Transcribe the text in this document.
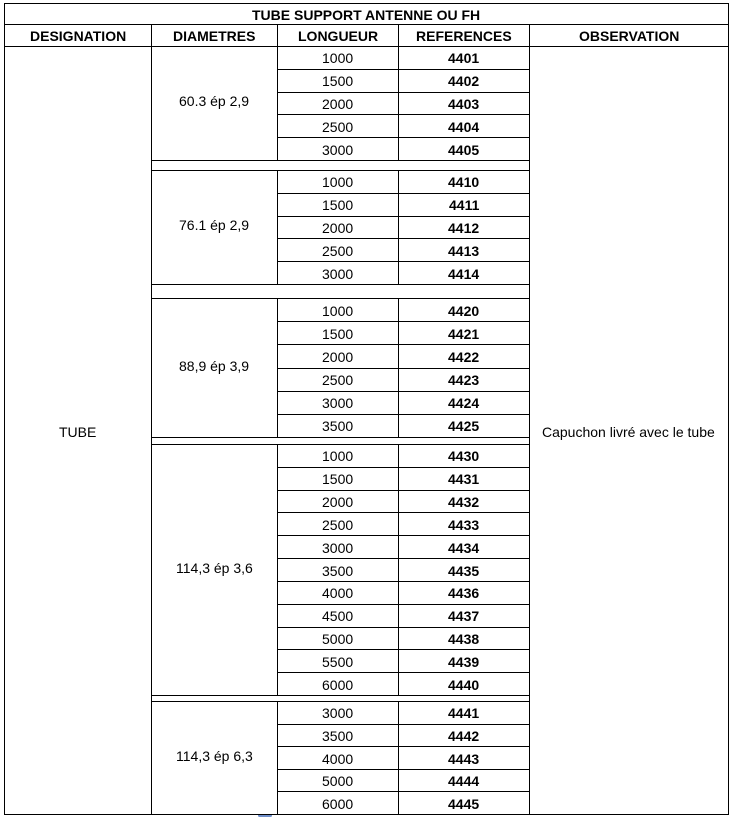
TUBE SUPPORT ANTENNE OU FH
DESIGNATION	DIAMETRES	LONGUEUR	REFERENCES	OBSERVATION
TUBE	Capuchon livré avec le tube
60.3 ép 2,9
1000	4401
1500	4402
2000	4403
2500	4404
3000	4405
76.1 ép 2,9
1000	4410
1500	4411
2000	4412
2500	4413
3000	4414
88,9 ép 3,9
1000	4420
1500	4421
2000	4422
2500	4423
3000	4424
3500	4425
114,3 ép 3,6
1000	4430
1500	4431
2000	4432
2500	4433
3000	4434
3500	4435
4000	4436
4500	4437
5000	4438
5500	4439
6000	4440
114,3 ép 6,3
3000	4441
3500	4442
4000	4443
5000	4444
6000	4445
